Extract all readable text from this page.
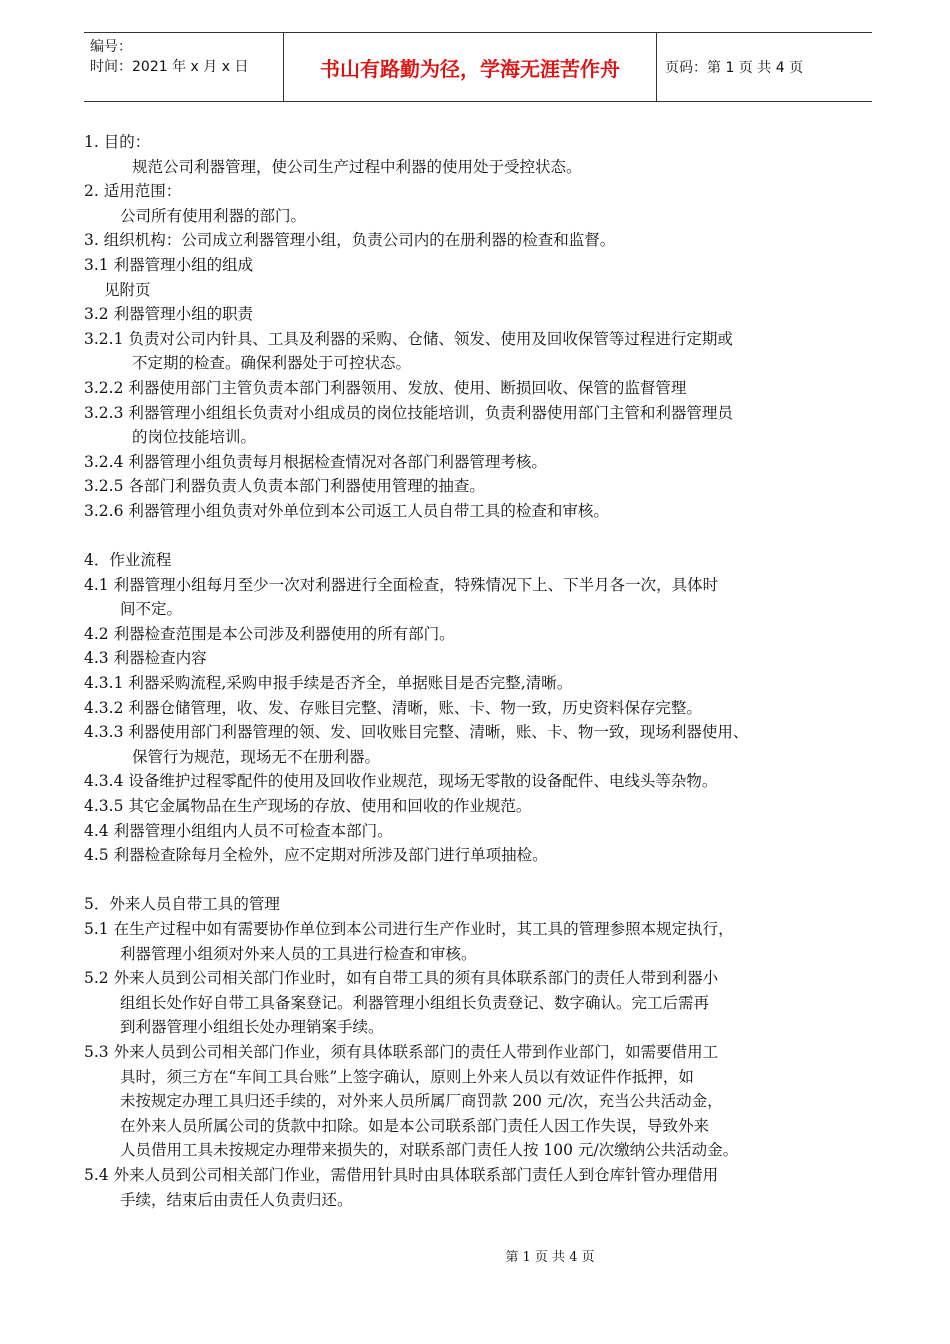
编号：
时间：2021 年 x 月 x 日	书山有路勤为径，学海无涯苦作舟	页码：第 1 页 共 4 页
1. 目的：
规范公司利器管理，使公司生产过程中利器的使用处于受控状态。
2. 适用范围：
公司所有使用利器的部门。
3. 组织机构：公司成立利器管理小组，负责公司内的在册利器的检查和监督。
3.1 利器管理小组的组成
见附页
3.2 利器管理小组的职责
3.2.1 负责对公司内针具、工具及利器的采购、仓储、领发、使用及回收保管等过程进行定期或
不定期的检查。确保利器处于可控状态。
3.2.2 利器使用部门主管负责本部门利器领用、发放、使用、断损回收、保管的监督管理
3.2.3 利器管理小组组长负责对小组成员的岗位技能培训，负责利器使用部门主管和利器管理员
的岗位技能培训。
3.2.4 利器管理小组负责每月根据检查情况对各部门利器管理考核。
3.2.5 各部门利器负责人负责本部门利器使用管理的抽查。
3.2.6 利器管理小组负责对外单位到本公司返工人员自带工具的检查和审核。
4．作业流程
4.1 利器管理小组每月至少一次对利器进行全面检查，特殊情况下上、下半月各一次，具体时
间不定。
4.2 利器检查范围是本公司涉及利器使用的所有部门。
4.3 利器检查内容
4.3.1 利器采购流程,采购申报手续是否齐全，单据账目是否完整,清晰。
4.3.2 利器仓储管理，收、发、存账目完整、清晰，账、卡、物一致，历史资料保存完整。
4.3.3 利器使用部门利器管理的领、发、回收账目完整、清晰，账、卡、物一致，现场利器使用、
保管行为规范，现场无不在册利器。
4.3.4 设备维护过程零配件的使用及回收作业规范，现场无零散的设备配件、电线头等杂物。
4.3.5 其它金属物品在生产现场的存放、使用和回收的作业规范。
4.4 利器管理小组组内人员不可检查本部门。
4.5 利器检查除每月全检外，应不定期对所涉及部门进行单项抽检。
5．外来人员自带工具的管理
5.1 在生产过程中如有需要协作单位到本公司进行生产作业时，其工具的管理参照本规定执行，
利器管理小组须对外来人员的工具进行检查和审核。
5.2 外来人员到公司相关部门作业时，如有自带工具的须有具体联系部门的责任人带到利器小
组组长处作好自带工具备案登记。利器管理小组组长负责登记、数字确认。完工后需再
到利器管理小组组长处办理销案手续。
5.3 外来人员到公司相关部门作业，须有具体联系部门的责任人带到作业部门，如需要借用工
具时，须三方在“车间工具台账”上签字确认，原则上外来人员以有效证件作抵押，如
未按规定办理工具归还手续的，对外来人员所属厂商罚款 200 元/次，充当公共活动金，
在外来人员所属公司的货款中扣除。如是本公司联系部门责任人因工作失误，导致外来
人员借用工具未按规定办理带来损失的，对联系部门责任人按 100 元/次缴纳公共活动金。
5.4 外来人员到公司相关部门作业，需借用针具时由具体联系部门责任人到仓库针管办理借用
手续，结束后由责任人负责归还。
第 1 页 共 4 页
